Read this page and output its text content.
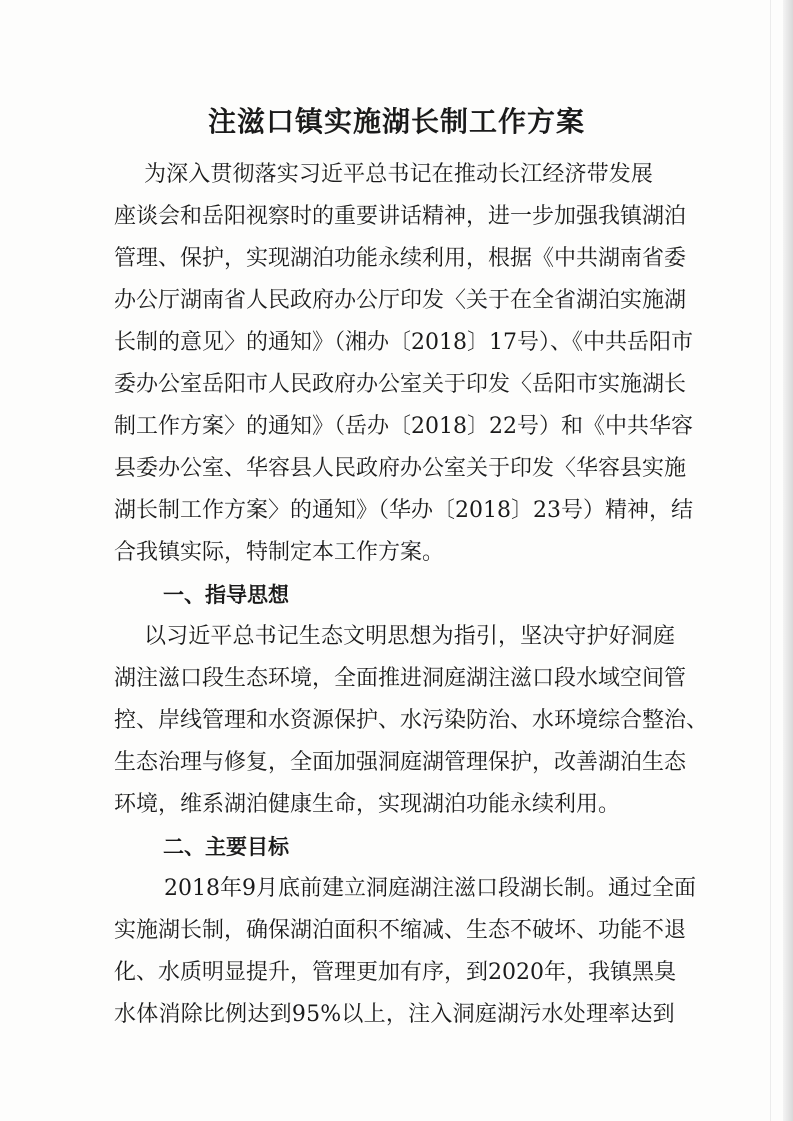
注滋口镇实施湖长制工作方案

为深入贯彻落实习近平总书记在推动长江经济带发展

座谈会和岳阳视察时的重要讲话精神，进一步加强我镇湖泊

管理、保护，实现湖泊功能永续利用，根据《中共湖南省委

办公厅湖南省人民政府办公厅印发〈关于在全省湖泊实施湖

长制的意见〉的通知》（湘办〔2018〕17号）、《中共岳阳市

委办公室岳阳市人民政府办公室关于印发〈岳阳市实施湖长

制工作方案〉的通知》（岳办〔2018〕22号）和《中共华容

县委办公室、华容县人民政府办公室关于印发〈华容县实施

湖长制工作方案〉的通知》（华办〔2018〕23号）精神，结

合我镇实际，特制定本工作方案。

一、指导思想

以习近平总书记生态文明思想为指引，坚决守护好洞庭

湖注滋口段生态环境，全面推进洞庭湖注滋口段水域空间管

控、岸线管理和水资源保护、水污染防治、水环境综合整治、

生态治理与修复，全面加强洞庭湖管理保护，改善湖泊生态

环境，维系湖泊健康生命，实现湖泊功能永续利用。

二、主要目标

2018年9月底前建立洞庭湖注滋口段湖长制。通过全面

实施湖长制，确保湖泊面积不缩减、生态不破坏、功能不退

化、水质明显提升，管理更加有序，到2020年，我镇黑臭

水体消除比例达到95%以上，注入洞庭湖污水处理率达到
